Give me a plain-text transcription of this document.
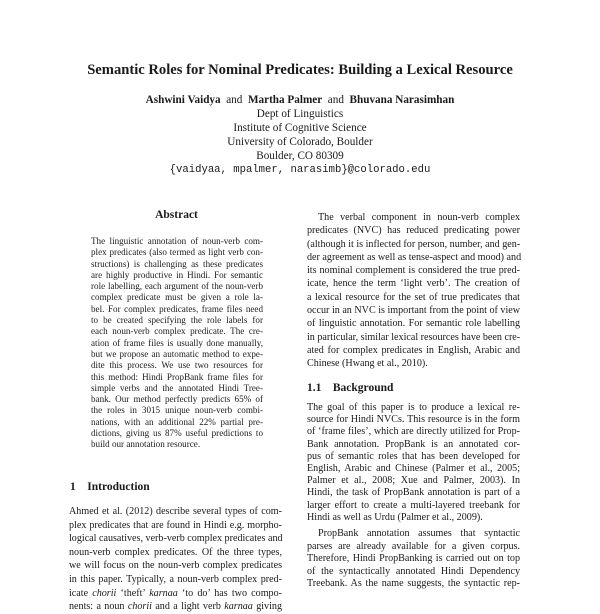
Semantic Roles for Nominal Predicates: Building a Lexical Resource
Ashwini Vaidya and Martha Palmer and Bhuvana Narasimhan
Dept of Linguistics
Institute of Cognitive Science
University of Colorado, Boulder
Boulder, CO 80309
{vaidyaa, mpalmer, narasimb}@colorado.edu
Abstract
The linguistic annotation of noun-verb com-
plex predicates (also termed as light verb con-
structions) is challenging as these predicates
are highly productive in Hindi. For semantic
role labelling, each argument of the noun-verb
complex predicate must be given a role la-
bel. For complex predicates, frame files need
to be created specifying the role labels for
each noun-verb complex predicate. The cre-
ation of frame files is usually done manually,
but we propose an automatic method to expe-
dite this process. We use two resources for
this method: Hindi PropBank frame files for
simple verbs and the annotated Hindi Tree-
bank. Our method perfectly predicts 65% of
the roles in 3015 unique noun-verb combi-
nations, with an additional 22% partial pre-
dictions, giving us 87% useful predictions to
build our annotation resource.
1 Introduction
Ahmed et al. (2012) describe several types of com-
plex predicates that are found in Hindi e.g. morpho-
logical causatives, verb-verb complex predicates and
noun-verb complex predicates. Of the three types,
we will focus on the noun-verb complex predicates
in this paper. Typically, a noun-verb complex pred-
icate chorii ‘theft’ karnaa ‘to do’ has two compo-
nents: a noun chorii and a light verb karnaa giving
The verbal component in noun-verb complex
predicates (NVC) has reduced predicating power
(although it is inflected for person, number, and gen-
der agreement as well as tense-aspect and mood) and
its nominal complement is considered the true pred-
icate, hence the term ‘light verb’. The creation of
a lexical resource for the set of true predicates that
occur in an NVC is important from the point of view
of linguistic annotation. For semantic role labelling
in particular, similar lexical resources have been cre-
ated for complex predicates in English, Arabic and
Chinese (Hwang et al., 2010).
1.1 Background
The goal of this paper is to produce a lexical re-
source for Hindi NVCs. This resource is in the form
of ‘frame files’, which are directly utilized for Prop-
Bank annotation. PropBank is an annotated cor-
pus of semantic roles that has been developed for
English, Arabic and Chinese (Palmer et al., 2005;
Palmer et al., 2008; Xue and Palmer, 2003). In
Hindi, the task of PropBank annotation is part of a
larger effort to create a multi-layered treebank for
Hindi as well as Urdu (Palmer et al., 2009).
PropBank annotation assumes that syntactic
parses are already available for a given corpus.
Therefore, Hindi PropBanking is carried out on top
of the syntactically annotated Hindi Dependency
Treebank. As the name suggests, the syntactic rep-
